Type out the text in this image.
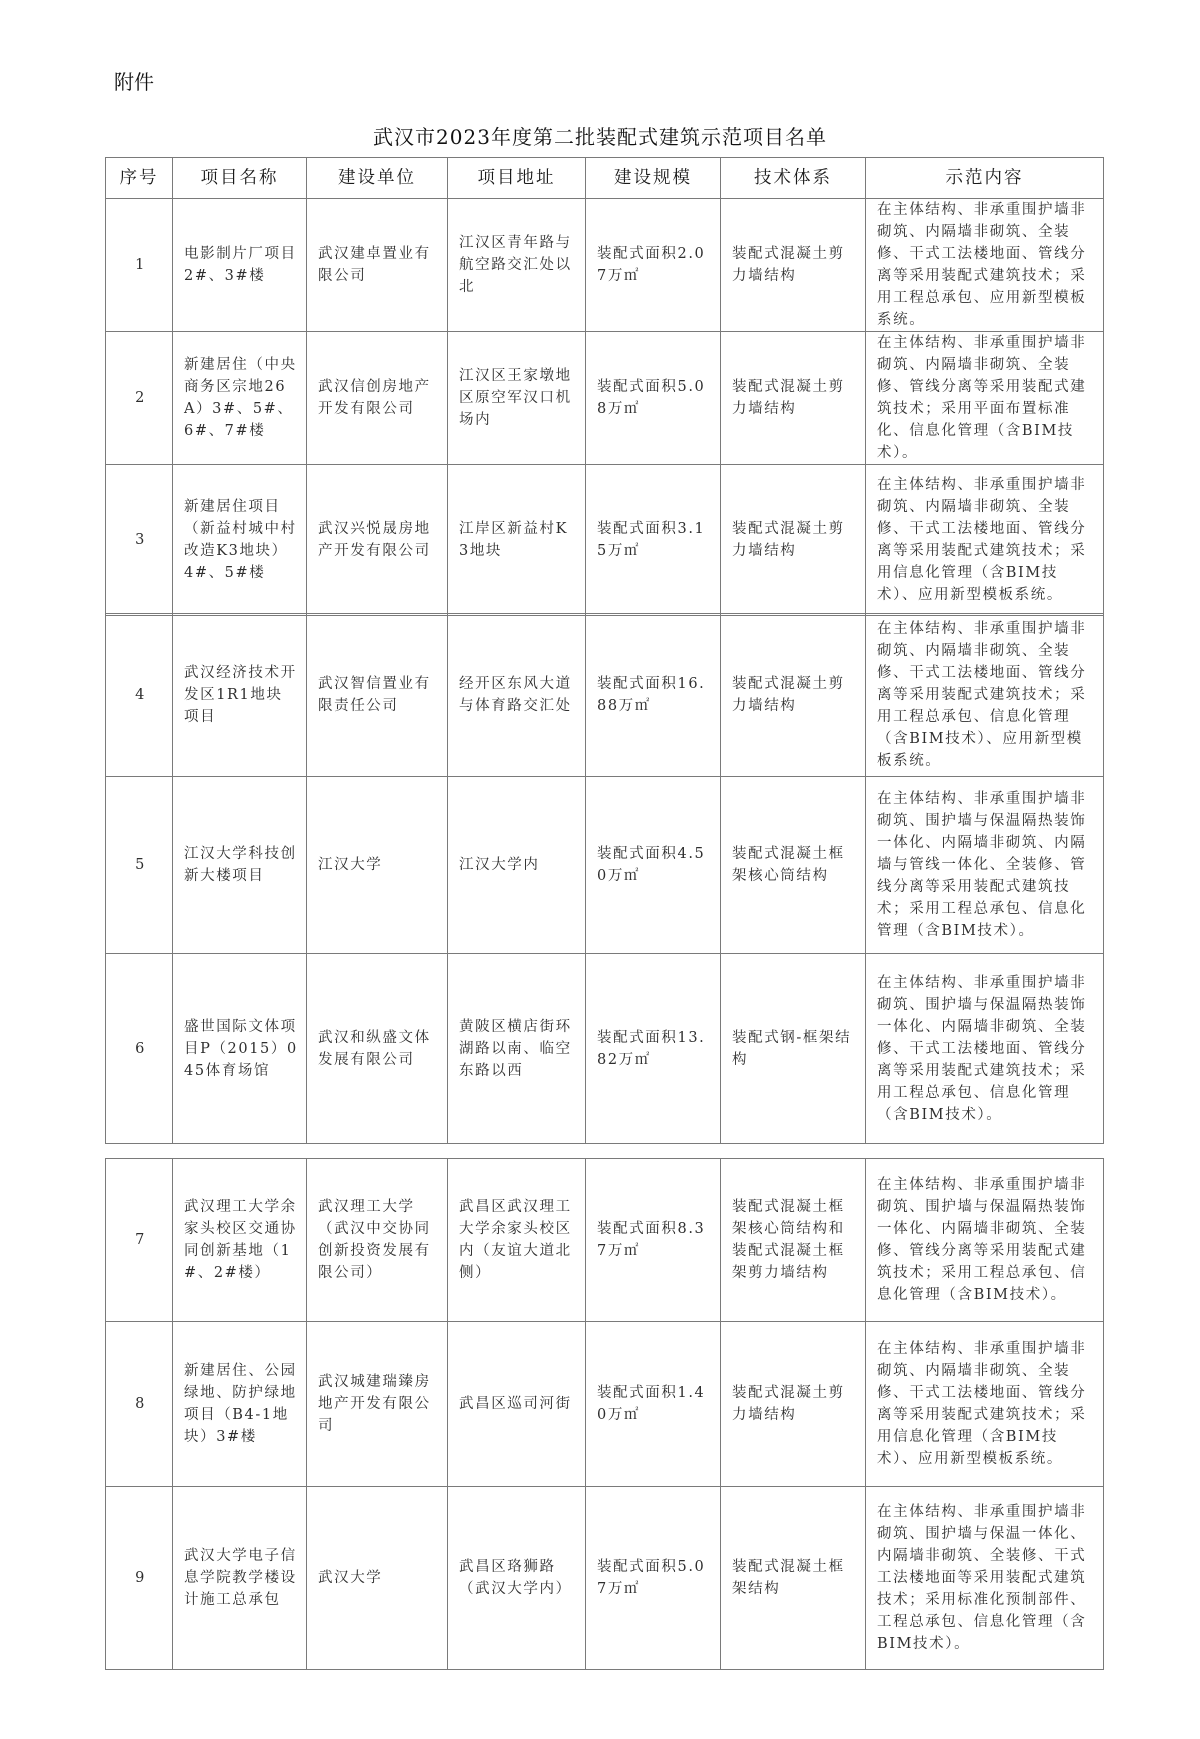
附件
武汉市2023年度第二批装配式建筑示范项目名单
序号	项目名称	建设单位	项目地址	建设规模	技术体系	示范内容
1	电影制片厂项目2#、3#楼	武汉建卓置业有限公司	江汉区青年路与航空路交汇处以北	装配式面积2.07万㎡	装配式混凝土剪力墙结构	在主体结构、非承重围护墙非砌筑、内隔墙非砌筑、全装修、干式工法楼地面、管线分离等采用装配式建筑技术；采用工程总承包、应用新型模板系统。
2	新建居住（中央商务区宗地26A）3#、5#、6#、7#楼	武汉信创房地产开发有限公司	江汉区王家墩地区原空军汉口机场内	装配式面积5.08万㎡	装配式混凝土剪力墙结构	在主体结构、非承重围护墙非砌筑、内隔墙非砌筑、全装修、管线分离等采用装配式建筑技术；采用平面布置标准化、信息化管理（含BIM技术）。
3	新建居住项目（新益村城中村改造K3地块）4#、5#楼	武汉兴悦晟房地产开发有限公司	江岸区新益村K3地块	装配式面积3.15万㎡	装配式混凝土剪力墙结构	在主体结构、非承重围护墙非砌筑、内隔墙非砌筑、全装修、干式工法楼地面、管线分离等采用装配式建筑技术；采用信息化管理（含BIM技术）、应用新型模板系统。
4	武汉经济技术开发区1R1地块项目	武汉智信置业有限责任公司	经开区东风大道与体育路交汇处	装配式面积16.88万㎡	装配式混凝土剪力墙结构	在主体结构、非承重围护墙非砌筑、内隔墙非砌筑、全装修、干式工法楼地面、管线分离等采用装配式建筑技术；采用工程总承包、信息化管理（含BIM技术）、应用新型模板系统。
5	江汉大学科技创新大楼项目	江汉大学	江汉大学内	装配式面积4.50万㎡	装配式混凝土框架核心筒结构	在主体结构、非承重围护墙非砌筑、围护墙与保温隔热装饰一体化、内隔墙非砌筑、内隔墙与管线一体化、全装修、管线分离等采用装配式建筑技术；采用工程总承包、信息化管理（含BIM技术）。
6	盛世国际文体项目P（2015）045体育场馆	武汉和纵盛文体发展有限公司	黄陂区横店街环湖路以南、临空东路以西	装配式面积13.82万㎡	装配式钢-框架结构	在主体结构、非承重围护墙非砌筑、围护墙与保温隔热装饰一体化、内隔墙非砌筑、全装修、干式工法楼地面、管线分离等采用装配式建筑技术；采用工程总承包、信息化管理（含BIM技术）。
7	武汉理工大学余家头校区交通协同创新基地（1#、2#楼）	武汉理工大学（武汉中交协同创新投资发展有限公司）	武昌区武汉理工大学余家头校区内（友谊大道北侧）	装配式面积8.37万㎡	装配式混凝土框架核心筒结构和装配式混凝土框架剪力墙结构	在主体结构、非承重围护墙非砌筑、围护墙与保温隔热装饰一体化、内隔墙非砌筑、全装修、管线分离等采用装配式建筑技术；采用工程总承包、信息化管理（含BIM技术）。
8	新建居住、公园绿地、防护绿地项目（B4-1地块）3#楼	武汉城建瑞臻房地产开发有限公司	武昌区巡司河街	装配式面积1.40万㎡	装配式混凝土剪力墙结构	在主体结构、非承重围护墙非砌筑、内隔墙非砌筑、全装修、干式工法楼地面、管线分离等采用装配式建筑技术；采用信息化管理（含BIM技术）、应用新型模板系统。
9	武汉大学电子信息学院教学楼设计施工总承包	武汉大学	武昌区珞狮路（武汉大学内）	装配式面积5.07万㎡	装配式混凝土框架结构	在主体结构、非承重围护墙非砌筑、围护墙与保温一体化、内隔墙非砌筑、全装修、干式工法楼地面等采用装配式建筑技术；采用标准化预制部件、工程总承包、信息化管理（含BIM技术）。
